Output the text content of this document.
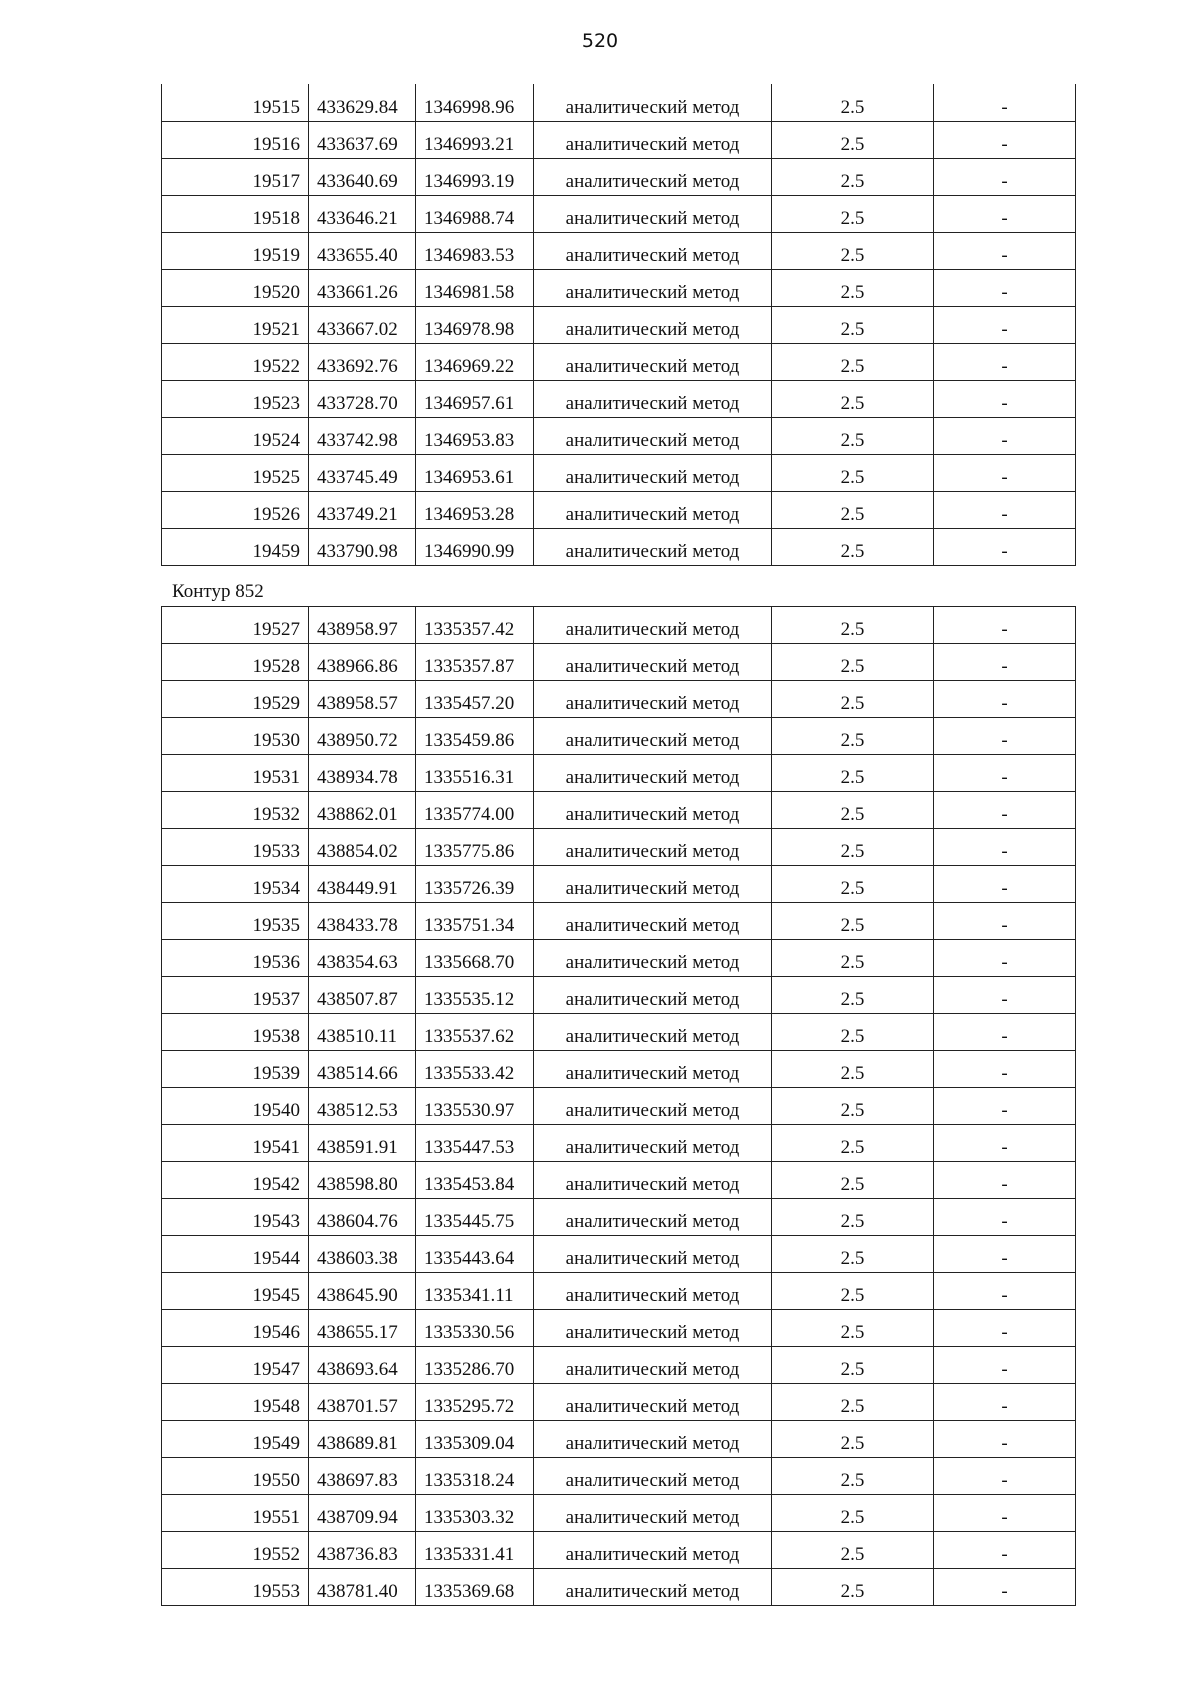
520
19515	433629.84	1346998.96	аналитический метод	2.5	-
19516	433637.69	1346993.21	аналитический метод	2.5	-
19517	433640.69	1346993.19	аналитический метод	2.5	-
19518	433646.21	1346988.74	аналитический метод	2.5	-
19519	433655.40	1346983.53	аналитический метод	2.5	-
19520	433661.26	1346981.58	аналитический метод	2.5	-
19521	433667.02	1346978.98	аналитический метод	2.5	-
19522	433692.76	1346969.22	аналитический метод	2.5	-
19523	433728.70	1346957.61	аналитический метод	2.5	-
19524	433742.98	1346953.83	аналитический метод	2.5	-
19525	433745.49	1346953.61	аналитический метод	2.5	-
19526	433749.21	1346953.28	аналитический метод	2.5	-
19459	433790.98	1346990.99	аналитический метод	2.5	-
Контур 852
19527	438958.97	1335357.42	аналитический метод	2.5	-
19528	438966.86	1335357.87	аналитический метод	2.5	-
19529	438958.57	1335457.20	аналитический метод	2.5	-
19530	438950.72	1335459.86	аналитический метод	2.5	-
19531	438934.78	1335516.31	аналитический метод	2.5	-
19532	438862.01	1335774.00	аналитический метод	2.5	-
19533	438854.02	1335775.86	аналитический метод	2.5	-
19534	438449.91	1335726.39	аналитический метод	2.5	-
19535	438433.78	1335751.34	аналитический метод	2.5	-
19536	438354.63	1335668.70	аналитический метод	2.5	-
19537	438507.87	1335535.12	аналитический метод	2.5	-
19538	438510.11	1335537.62	аналитический метод	2.5	-
19539	438514.66	1335533.42	аналитический метод	2.5	-
19540	438512.53	1335530.97	аналитический метод	2.5	-
19541	438591.91	1335447.53	аналитический метод	2.5	-
19542	438598.80	1335453.84	аналитический метод	2.5	-
19543	438604.76	1335445.75	аналитический метод	2.5	-
19544	438603.38	1335443.64	аналитический метод	2.5	-
19545	438645.90	1335341.11	аналитический метод	2.5	-
19546	438655.17	1335330.56	аналитический метод	2.5	-
19547	438693.64	1335286.70	аналитический метод	2.5	-
19548	438701.57	1335295.72	аналитический метод	2.5	-
19549	438689.81	1335309.04	аналитический метод	2.5	-
19550	438697.83	1335318.24	аналитический метод	2.5	-
19551	438709.94	1335303.32	аналитический метод	2.5	-
19552	438736.83	1335331.41	аналитический метод	2.5	-
19553	438781.40	1335369.68	аналитический метод	2.5	-
